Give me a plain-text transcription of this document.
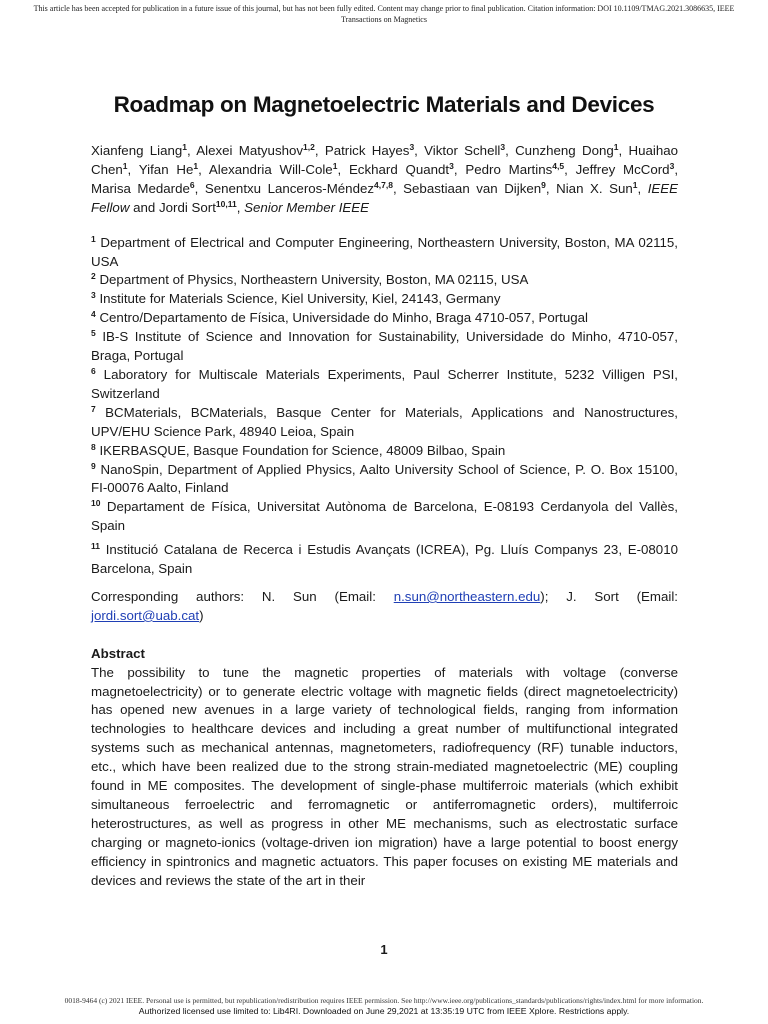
This article has been accepted for publication in a future issue of this journal, but has not been fully edited. Content may change prior to final publication. Citation information: DOI 10.1109/TMAG.2021.3086635, IEEE Transactions on Magnetics
Roadmap on Magnetoelectric Materials and Devices

Xianfeng Liang$^1$, Alexei Matyushov$^{1,2}$, Patrick Hayes$^3$, Viktor Schell$^3$, Cunzheng Dong$^1$, Huaihao Chen$^1$, Yifan He$^1$, Alexandria Will-Cole$^1$, Eckhard Quandt$^3$, Pedro Martins$^{4,5}$, Jeffrey McCord$^3$, Marisa Medarde$^6$, Senentxu Lanceros-Méndez$^{4,7,8}$, Sebastiaan van Dijken$^9$, Nian X. Sun$^1$, IEEE Fellow and Jordi Sort$^{10,11}$, Senior Member IEEE

$^1$ Department of Electrical and Computer Engineering, Northeastern University, Boston, MA 02115, USA

$^2$ Department of Physics, Northeastern University, Boston, MA 02115, USA

$^3$ Institute for Materials Science, Kiel University, Kiel, 24143, Germany

$^4$ Centro/Departamento de Física, Universidade do Minho, Braga 4710-057, Portugal

$^5$ IB-S Institute of Science and Innovation for Sustainability, Universidade do Minho, 4710-057, Braga, Portugal

$^6$ Laboratory for Multiscale Materials Experiments, Paul Scherrer Institute, 5232 Villigen PSI, Switzerland

$^7$ BCMaterials, BCMaterials, Basque Center for Materials, Applications and Nanostructures, UPV/EHU Science Park, 48940 Leioa, Spain

$^8$ IKERBASQUE, Basque Foundation for Science, 48009 Bilbao, Spain

$^9$ NanoSpin, Department of Applied Physics, Aalto University School of Science, P. O. Box 15100, FI-00076 Aalto, Finland

$^{10}$ Departament de Física, Universitat Autònoma de Barcelona, E-08193 Cerdanyola del Vallès, Spain

$^{11}$ Institució Catalana de Recerca i Estudis Avançats (ICREA), Pg. Lluís Companys 23, E-08010 Barcelona, Spain

Corresponding authors: N. Sun (Email: n.sun@northeastern.edu); J. Sort (Email: jordi.sort@uab.cat)

Abstract

The possibility to tune the magnetic properties of materials with voltage (converse magnetoelectricity) or to generate electric voltage with magnetic fields (direct magnetoelectricity) has opened new avenues in a large variety of technological fields, ranging from information technologies to healthcare devices and including a great number of multifunctional integrated systems such as mechanical antennas, magnetometers, radiofrequency (RF) tunable inductors, etc., which have been realized due to the strong strain-mediated magnetoelectric (ME) coupling found in ME composites. The development of single-phase multiferroic materials (which exhibit simultaneous ferroelectric and ferromagnetic or antiferromagnetic orders), multiferroic heterostructures, as well as progress in other ME mechanisms, such as electrostatic surface charging or magneto-ionics (voltage-driven ion migration) have a large potential to boost energy efficiency in spintronics and magnetic actuators. This paper focuses on existing ME materials and devices and reviews the state of the art in their

1
0018-9464 (c) 2021 IEEE. Personal use is permitted, but republication/redistribution requires IEEE permission. See http://www.ieee.org/publications_standards/publications/rights/index.html for more information.
Authorized licensed use limited to: Lib4RI. Downloaded on June 29,2021 at 13:35:19 UTC from IEEE Xplore. Restrictions apply.
